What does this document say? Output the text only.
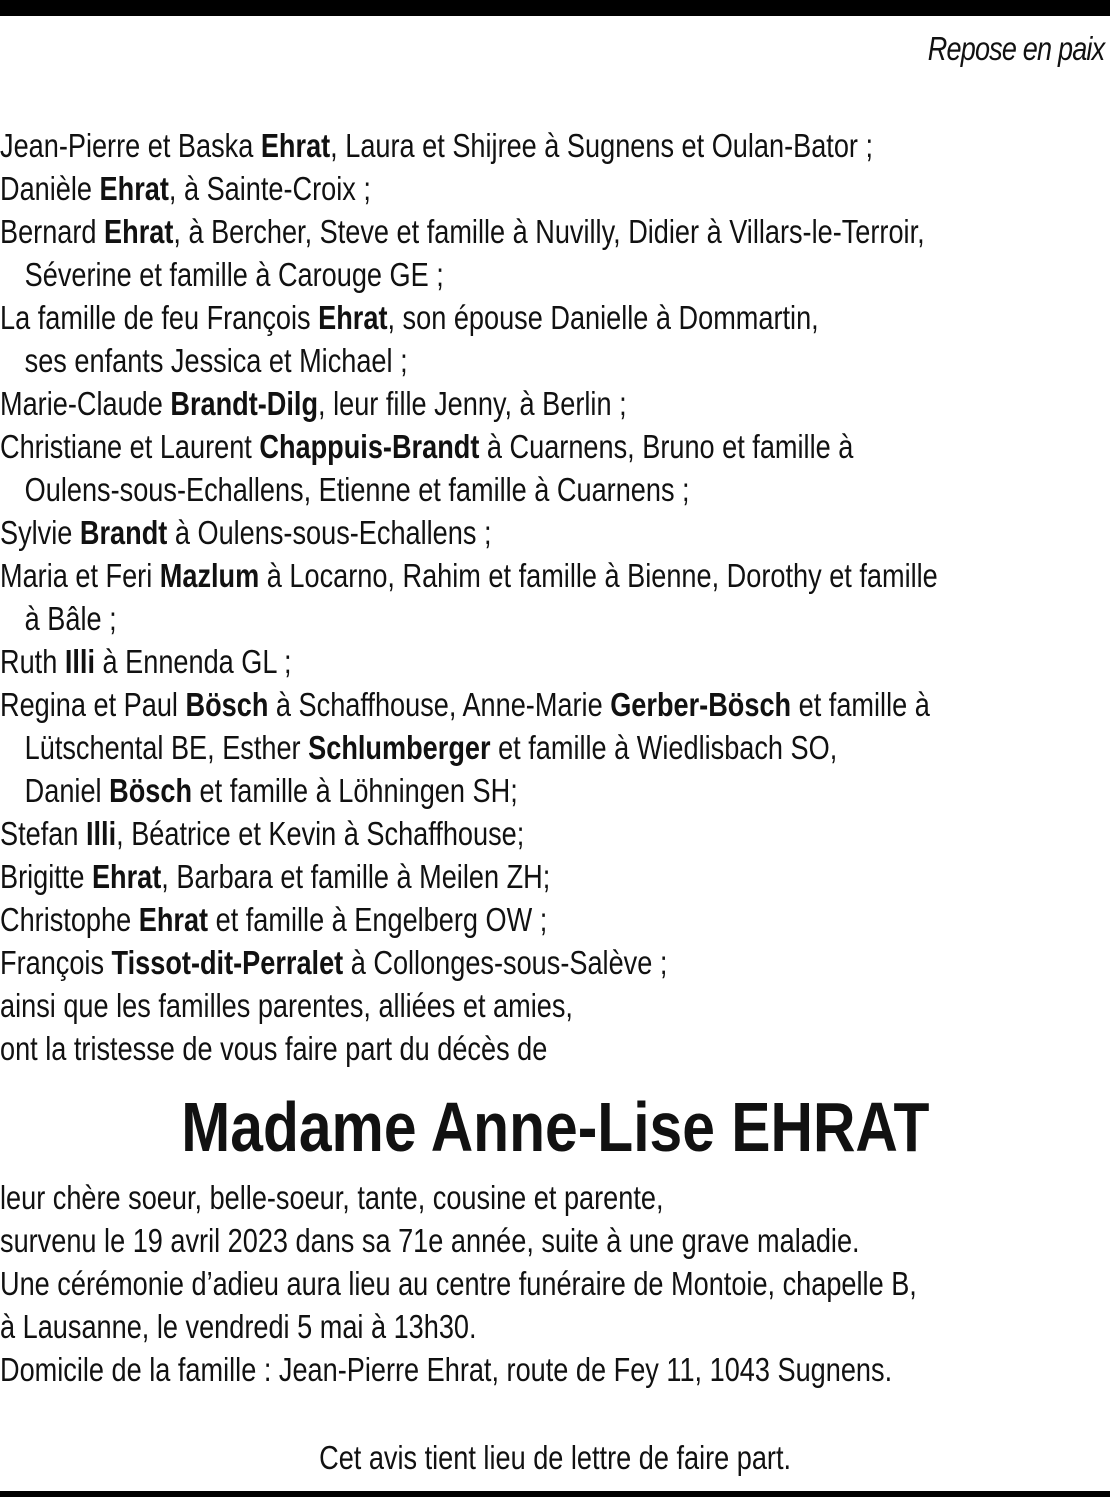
Repose en paix
Jean-Pierre et Baska Ehrat, Laura et Shijree à Sugnens et Oulan-Bator ;
Danièle Ehrat, à Sainte-Croix ;
Bernard Ehrat, à Bercher, Steve et famille à Nuvilly, Didier à Villars-le-Terroir,
Séverine et famille à Carouge GE ;
La famille de feu François Ehrat, son épouse Danielle à Dommartin,
ses enfants Jessica et Michael ;
Marie-Claude Brandt-Dilg, leur fille Jenny, à Berlin ;
Christiane et Laurent Chappuis-Brandt à Cuarnens, Bruno et famille à
Oulens-sous-Echallens, Etienne et famille à Cuarnens ;
Sylvie Brandt à Oulens-sous-Echallens ;
Maria et Feri Mazlum à Locarno, Rahim et famille à Bienne, Dorothy et famille
à Bâle ;
Ruth Illi à Ennenda GL ;
Regina et Paul Bösch à Schaffhouse, Anne-Marie Gerber-Bösch et famille à
Lütschental BE, Esther Schlumberger et famille à Wiedlisbach SO,
Daniel Bösch et famille à Löhningen SH;
Stefan Illi, Béatrice et Kevin à Schaffhouse;
Brigitte Ehrat, Barbara et famille à Meilen ZH;
Christophe Ehrat et famille à Engelberg OW ;
François Tissot-dit-Perralet à Collonges-sous-Salève ;
ainsi que les familles parentes, alliées et amies,
ont la tristesse de vous faire part du décès de
Madame Anne-Lise EHRAT
leur chère soeur, belle-soeur, tante, cousine et parente,
survenu le 19 avril 2023 dans sa 71e année, suite à une grave maladie.
Une cérémonie d’adieu aura lieu au centre funéraire de Montoie, chapelle B,
à Lausanne, le vendredi 5 mai à 13h30.
Domicile de la famille : Jean-Pierre Ehrat, route de Fey 11, 1043 Sugnens.
Cet avis tient lieu de lettre de faire part.
